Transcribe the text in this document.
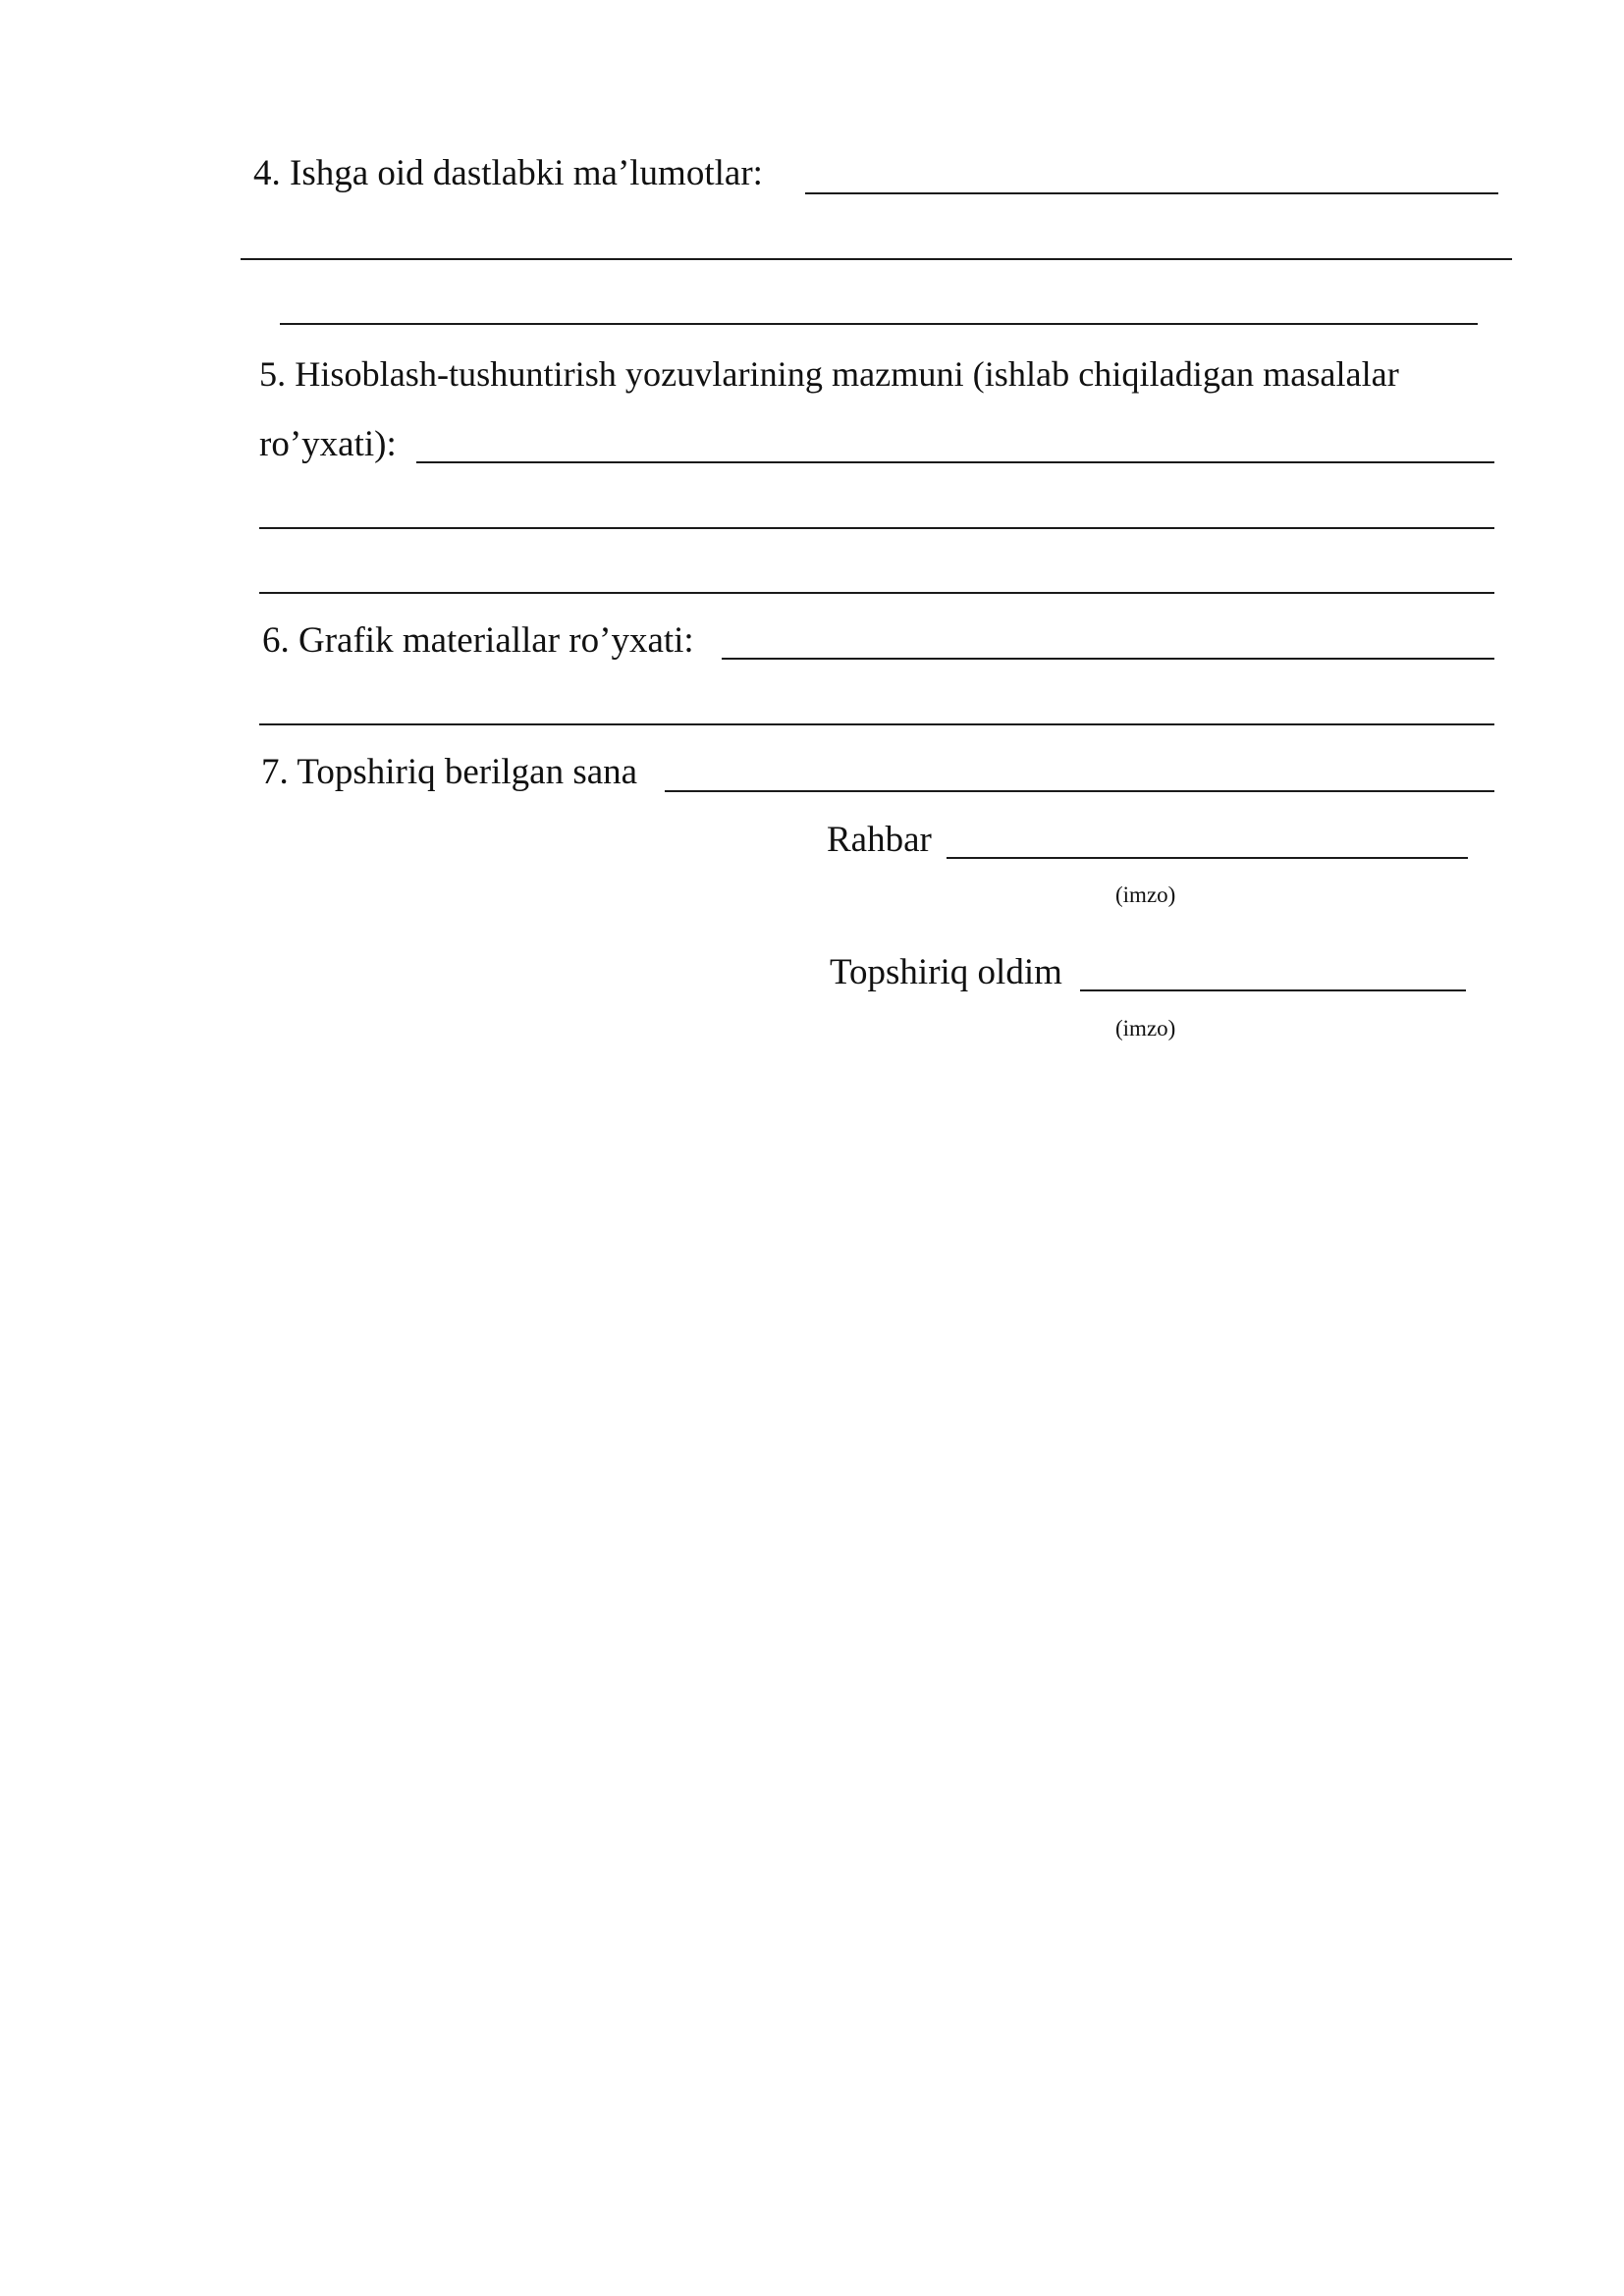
4. Ishga oid dastlabki ma’lumotlar:
5. Hisoblash-tushuntirish yozuvlarining mazmuni (ishlab chiqiladigan masalalar
ro’yxati):
6. Grafik materiallar ro’yxati:
7. Topshiriq berilgan sana
Rahbar
(imzo)
Topshiriq oldim
(imzo)
